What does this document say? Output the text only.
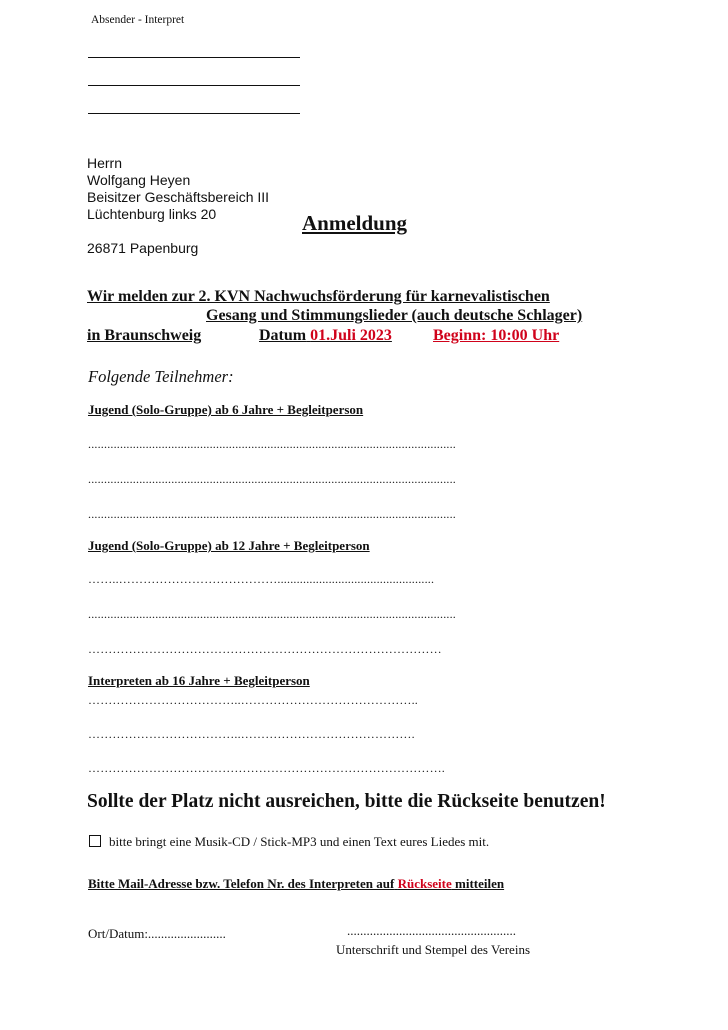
Absender - Interpret
Herrn
Wolfgang Heyen
Beisitzer Geschäftsbereich III
Lüchtenburg links 20
26871 Papenburg
Anmeldung
Wir melden zur 2. KVN Nachwuchsförderung für karnevalistischen
Gesang und Stimmungslieder (auch deutsche Schlager)
in Braunschweig	Datum 01.Juli 2023	Beginn: 10:00 Uhr
Folgende Teilnehmer:
Jugend (Solo-Gruppe) ab 6 Jahre + Begleitperson
...................................................................................................................
...................................................................................................................
...................................................................................................................
Jugend (Solo-Gruppe) ab 12 Jahre + Begleitperson
……..………………………………….................................................
...................................................................................................................
……………………………………………………………………………
Interpreten ab 16 Jahre + Begleitperson
………………………………..……………………………………..
………………………………..…………………………………….
…………………………………………………………………………….
Sollte der Platz nicht ausreichen, bitte die Rückseite benutzen!
bitte bringt eine Musik-CD / Stick-MP3 und einen Text eures Liedes mit.
Bitte Mail-Adresse bzw. Telefon Nr. des Interpreten auf Rückseite mitteilen
Ort/Datum:........................	....................................................
Unterschrift und Stempel des Vereins
